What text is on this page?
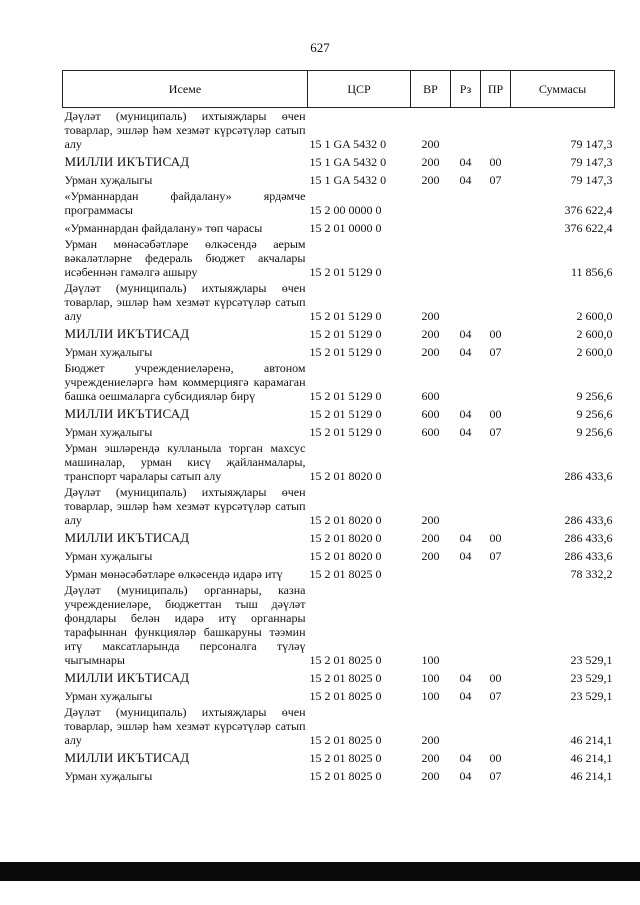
627
Исеме	ЦСР	ВР	Рз	ПР	Суммасы
Дәүләт (муниципаль) ихтыяҗлары өчен товарлар, эшләр һәм хезмәт күрсәтүләр сатып алу	15 1 GA 5432 0	200			79 147,3
МИЛЛИ ИКЪТИСАД	15 1 GA 5432 0	200	04	00	79 147,3
Урман хуҗалыгы	15 1 GA 5432 0	200	04	07	79 147,3
«Урманнардан файдалану» ярдәмче программасы	15 2 00 0000 0				376 622,4
«Урманнардан файдалану» төп чарасы	15 2 01 0000 0				376 622,4
Урман мөнәсәбәтләре өлкәсендә аерым вәкаләтләрне федераль бюджет акчалары исәбеннән гамәлгә ашыру	15 2 01 5129 0				11 856,6
Дәүләт (муниципаль) ихтыяҗлары өчен товарлар, эшләр һәм хезмәт күрсәтүләр сатып алу	15 2 01 5129 0	200			2 600,0
МИЛЛИ ИКЪТИСАД	15 2 01 5129 0	200	04	00	2 600,0
Урман хуҗалыгы	15 2 01 5129 0	200	04	07	2 600,0
Бюджет учреждениеләренә, автоном учреждениеләргә һәм коммерциягә карамаган башка оешмаларга субсидияләр бирү	15 2 01 5129 0	600			9 256,6
МИЛЛИ ИКЪТИСАД	15 2 01 5129 0	600	04	00	9 256,6
Урман хуҗалыгы	15 2 01 5129 0	600	04	07	9 256,6
Урман эшләрендә кулланыла торган махсус машиналар, урман кисү җайланмалары, транспорт чаралары сатып алу	15 2 01 8020 0				286 433,6
Дәүләт (муниципаль) ихтыяҗлары өчен товарлар, эшләр һәм хезмәт күрсәтүләр сатып алу	15 2 01 8020 0	200			286 433,6
МИЛЛИ ИКЪТИСАД	15 2 01 8020 0	200	04	00	286 433,6
Урман хуҗалыгы	15 2 01 8020 0	200	04	07	286 433,6
Урман мөнәсәбәтләре өлкәсендә идарә итү	15 2 01 8025 0				78 332,2
Дәүләт (муниципаль) органнары, казна учреждениеләре, бюджеттан тыш дәүләт фондлары белән идарә итү органнары тарафыннан функцияләр башкаруны тәэмин итү максатларында персоналга түләү чыгымнары	15 2 01 8025 0	100			23 529,1
МИЛЛИ ИКЪТИСАД	15 2 01 8025 0	100	04	00	23 529,1
Урман хуҗалыгы	15 2 01 8025 0	100	04	07	23 529,1
Дәүләт (муниципаль) ихтыяҗлары өчен товарлар, эшләр һәм хезмәт күрсәтүләр сатып алу	15 2 01 8025 0	200			46 214,1
МИЛЛИ ИКЪТИСАД	15 2 01 8025 0	200	04	00	46 214,1
Урман хуҗалыгы	15 2 01 8025 0	200	04	07	46 214,1
